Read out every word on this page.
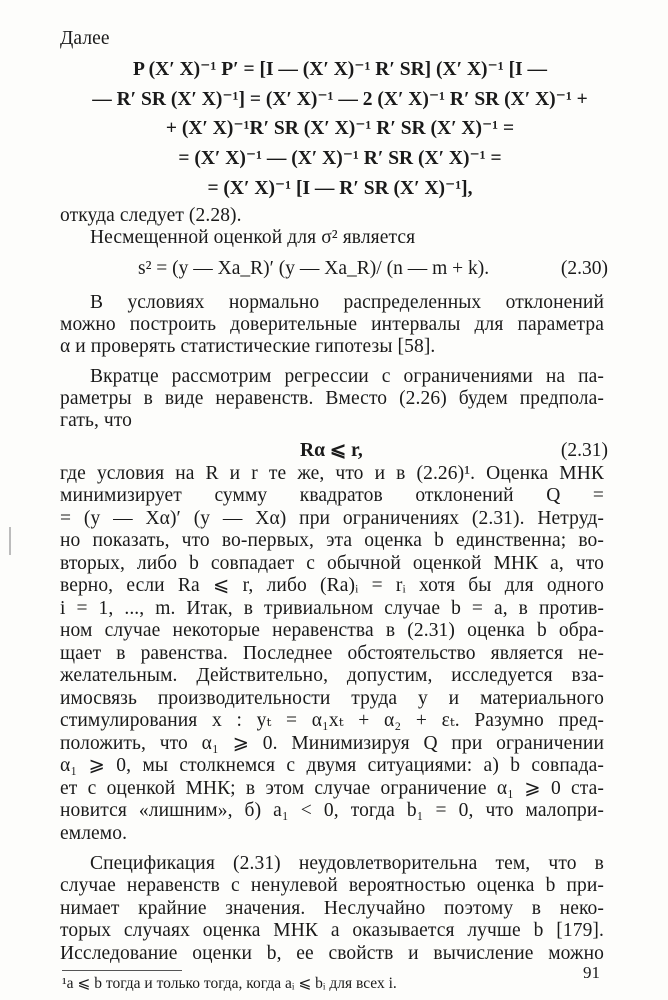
Далее
P (X′ X)⁻¹ P′ = [I — (X′ X)⁻¹ R′ SR] (X′ X)⁻¹ [I —
— R′ SR (X′ X)⁻¹] = (X′ X)⁻¹ — 2 (X′ X)⁻¹ R′ SR (X′ X)⁻¹ +
+ (X′ X)⁻¹R′ SR (X′ X)⁻¹ R′ SR (X′ X)⁻¹ =
= (X′ X)⁻¹ — (X′ X)⁻¹ R′ SR (X′ X)⁻¹ =
= (X′ X)⁻¹ [I — R′ SR (X′ X)⁻¹],
откуда следует (2.28).
Несмещенной оценкой для σ² является
s² = (y — Xa_R)′ (y — Xa_R)/ (n — m + k).	(2.30)
В условиях нормально распределенных отклонений
можно построить доверительные интервалы для параметра
α и проверять статистические гипотезы [58].
Вкратце рассмотрим регрессии с ограничениями на па-
раметры в виде неравенств. Вместо (2.26) будем предпола-
гать, что
Rα ⩽ r,	(2.31)
где условия на R и r те же, что и в (2.26)¹. Оценка МНК
минимизирует сумму квадратов отклонений Q =
= (y — Xα)′ (y — Xα) при ограничениях (2.31). Нетруд-
но показать, что во-первых, эта оценка b единственна; во-
вторых, либо b совпадает с обычной оценкой МНК a, что
верно, если Ra ⩽ r, либо (Ra)ᵢ = rᵢ хотя бы для одного
i = 1, ..., m. Итак, в тривиальном случае b = a, в против-
ном случае некоторые неравенства в (2.31) оценка b обра-
щает в равенства. Последнее обстоятельство является не-
желательным. Действительно, допустим, исследуется вза-
имосвязь производительности труда y и материального
стимулирования x : yₜ = α₁xₜ + α₂ + εₜ. Разумно пред-
положить, что α₁ ⩾ 0. Минимизируя Q при ограничении
α₁ ⩾ 0, мы столкнемся с двумя ситуациями: а) b совпада-
ет с оценкой МНК; в этом случае ограничение α₁ ⩾ 0 ста-
новится «лишним», б) a₁ < 0, тогда b₁ = 0, что малопри-
емлемо.
Спецификация (2.31) неудовлетворительна тем, что в
случае неравенств с ненулевой вероятностью оценка b при-
нимает крайние значения. Неслучайно поэтому в неко-
торых случаях оценка МНК a оказывается лучше b [179].
Исследование оценки b, ее свойств и вычисление можно
¹a ⩽ b тогда и только тогда, когда aᵢ ⩽ bᵢ для всех i.
91
